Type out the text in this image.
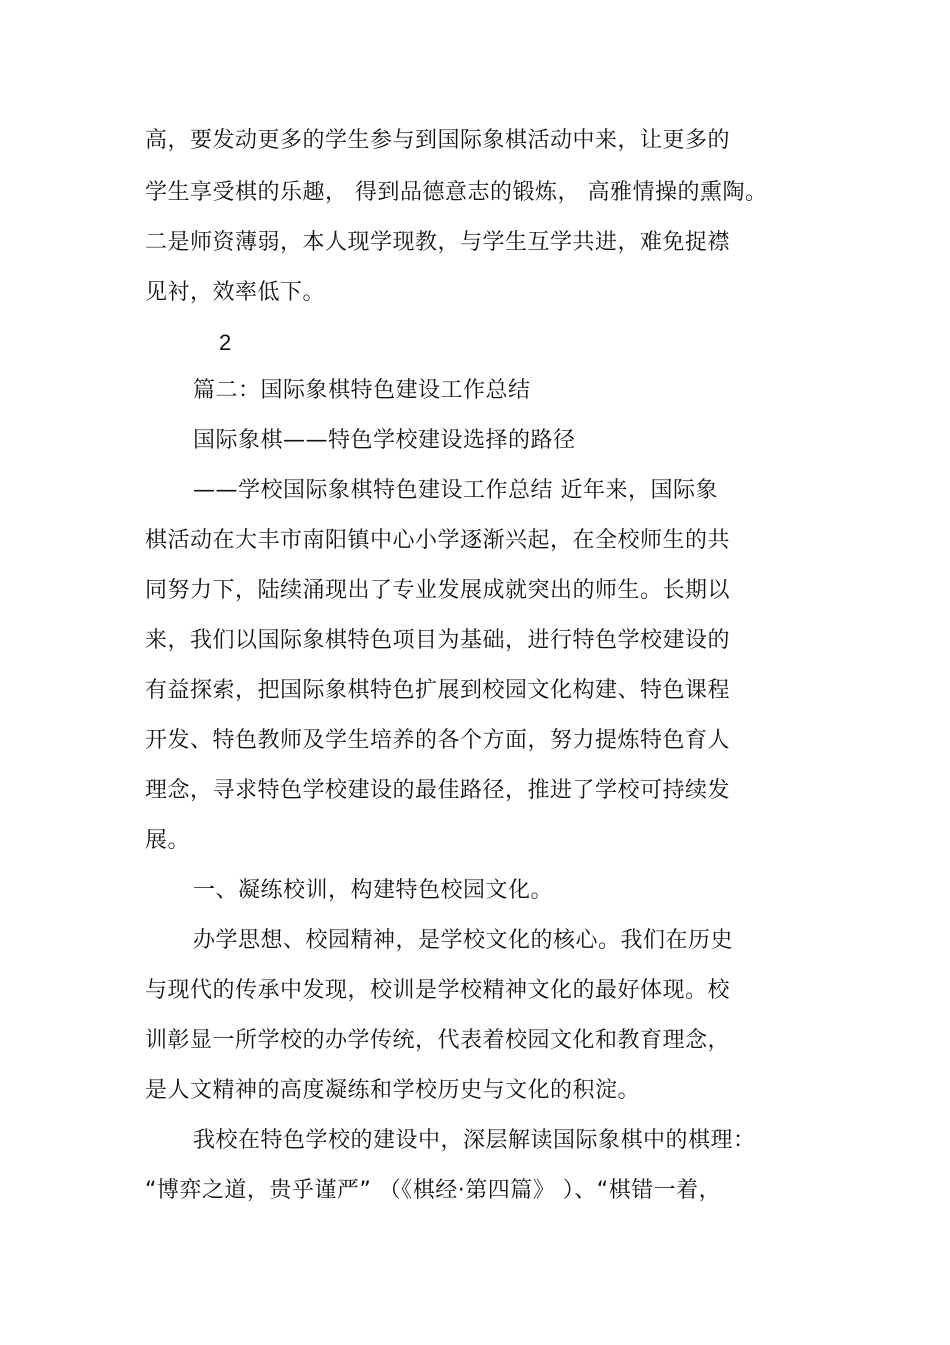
高，要发动更多的学生参与到国际象棋活动中来，让更多的
学生享受棋的乐趣， 得到品德意志的锻炼， 高雅情操的熏陶。
二是师资薄弱，本人现学现教，与学生互学共进，难免捉襟
见衬，效率低下。
2
篇二：国际象棋特色建设工作总结
国际象棋——特色学校建设选择的路径
——学校国际象棋特色建设工作总结 近年来，国际象
棋活动在大丰市南阳镇中心小学逐渐兴起，在全校师生的共
同努力下，陆续涌现出了专业发展成就突出的师生。长期以
来，我们以国际象棋特色项目为基础，进行特色学校建设的
有益探索，把国际象棋特色扩展到校园文化构建、特色课程
开发、特色教师及学生培养的各个方面，努力提炼特色育人
理念，寻求特色学校建设的最佳路径，推进了学校可持续发
展。
一、凝练校训，构建特色校园文化。
办学思想、校园精神，是学校文化的核心。我们在历史
与现代的传承中发现，校训是学校精神文化的最好体现。校
训彰显一所学校的办学传统，代表着校园文化和教育理念，
是人文精神的高度凝练和学校历史与文化的积淀。
我校在特色学校的建设中，深层解读国际象棋中的棋理：
“博弈之道，贵乎谨严” （《棋经·第四篇》 ）、“棋错一着，
